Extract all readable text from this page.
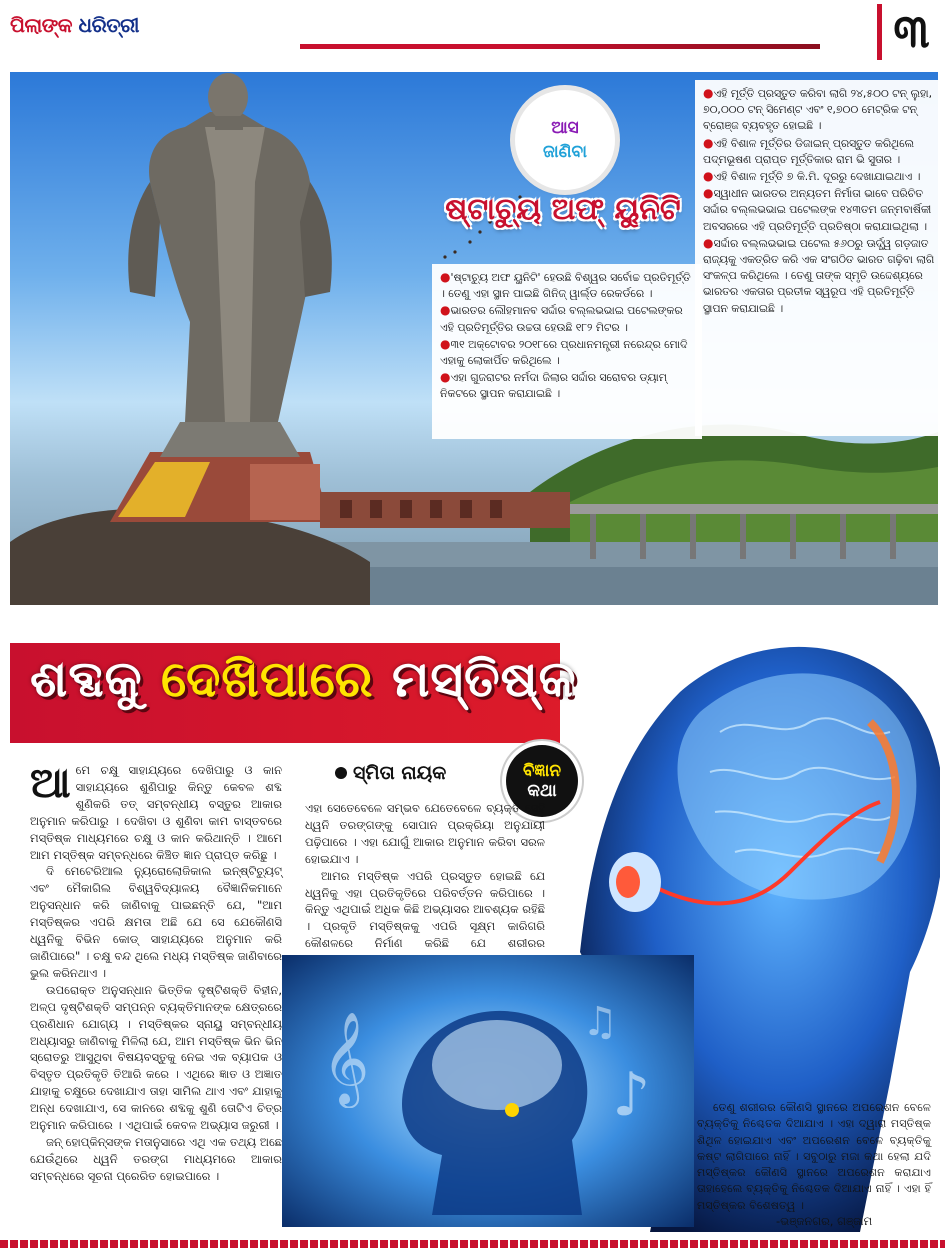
ପିଲାଙ୍କ ଧରିତ୍ରୀ	୩
ଆସ
ଜାଣିବା
ଷ୍ଟାଚ୍ୟୁ ଅଫ୍ ୟୁନିଟି
●'ଷ୍ଟାଚ୍ୟୁ ଅଫ ୟୁନିଟି' ହେଉଛି ବିଶ୍ୱର ସର୍ବୋଚ୍ଚ ପ୍ରତିମୂର୍ତ୍ତି । ତେଣୁ ଏହା ସ୍ଥାନ ପାଇଛି ଗିନିଜ୍ ୱାର୍ଲ୍ଡ ରେକର୍ଡରେ ।
●ଭାରତର ଲୌହମାନବ ସର୍ଦ୍ଦାର ବଲ୍ଲଭଭାଇ ପଟେଲଙ୍କର ଏହି ପ୍ରତିମୂର୍ତ୍ତିର ଉଚ୍ଚତା ହେଉଛି ୧୮୨ ମିଟର ।
●୩୧ ଅକ୍ଟୋବର ୨୦୧୮ରେ ପ୍ରଧାନମନ୍ତ୍ରୀ ନରେନ୍ଦ୍ର ମୋଦି ଏହାକୁ ଲୋକାର୍ପିତ କରିଥିଲେ ।
●ଏହା ଗୁଜରାଟର ନର୍ମଦା ଜିଲାର ସର୍ଦ୍ଦାର ସରୋବର ଡ୍ୟାମ୍ ନିକଟରେ ସ୍ଥାପନ କରାଯାଇଛି ।
●ଏହି ମୂର୍ତ୍ତି ପ୍ରସ୍ତୁତ କରିବା ଲାଗି ୨୪,୫୦୦ ଟନ୍ ଲୁହା, ୭୦,୦୦୦ ଟନ୍ ସିମେଣ୍ଟ ଏବଂ ୧,୭୦୦ ମେଟ୍ରିକ ଟନ୍ ବ୍ରୋଞ୍ଜ ବ୍ୟବହୃତ ହୋଇଛି ।
●ଏହି ବିଶାଳ ମୂର୍ତ୍ତିର ଡିଜାଇନ୍ ପ୍ରସ୍ତୁତ କରିଥିଲେ ପଦ୍ମଭୂଷଣ ପ୍ରାପ୍ତ ମୂର୍ତ୍ତିକାର ରାମ ଭି ସୁତାର ।
●ଏହି ବିଶାଳ ମୂର୍ତ୍ତି ୭ କି.ମି. ଦୂରରୁ ଦେଖାଯାଇଥାଏ ।
●ସ୍ୱାଧୀନ ଭାରତର ଅନ୍ୟତମ ନିର୍ମାତା ଭାବେ ପରିଚିତ ସର୍ଦ୍ଦାର ବଲ୍ଲଭଭାଇ ପଟେଲଙ୍କ ୧୪୩ତମ ଜନ୍ମବାର୍ଷିକୀ ଅବସରରେ ଏହି ପ୍ରତିମୂର୍ତ୍ତି ପ୍ରତିଷ୍ଠା କରାଯାଇଥିଲା ।
●ସର୍ଦ୍ଦାର ବଲ୍ଲଭଭାଇ ପଟେଲ ୫୬୦ରୁ ଊର୍ଦ୍ଧ୍ୱ ଗଡ଼ଜାତ ରାଜ୍ୟକୁ ଏକତ୍ରିତ କରି ଏକ ସଂଗଠିତ ଭାରତ ଗଢ଼ିବା ଲାଗି ସଂକଳ୍ପ କରିଥିଲେ । ତେଣୁ ତାଙ୍କ ସ୍ମୃତି ଉଦ୍ଦେଶ୍ୟରେ ଭାରତର ଏକତାର ପ୍ରତୀକ ସ୍ୱରୂପ ଏହି ପ୍ରତିମୂର୍ତ୍ତି ସ୍ଥାପନ କରାଯାଇଛି ।
ଶବ୍ଦକୁ ଦେଖିପାରେ ମସ୍ତିଷ୍କ
ସ୍ମିତା ନାୟକ	ବିଜ୍ଞାନ
କଥା

ଆମେ ଚକ୍ଷୁ ସାହାଯ୍ୟରେ ଦେଖିପାରୁ ଓ କାନ ସାହାଯ୍ୟରେ ଶୁଣିପାରୁ କିନ୍ତୁ କେବଳ ଶବ୍ଦ ଶୁଣିକରି ତତ୍ ସମ୍ବନ୍ଧୀୟ ବସ୍ତୁର ଆକାର ଅନୁମାନ କରିପାରୁ । ଦେଖିବା ଓ ଶୁଣିବା କାମ ବାସ୍ତବରେ ମସ୍ତିଷ୍କ ମାଧ୍ୟମରେ ଚକ୍ଷୁ ଓ କାନ କରିଥାନ୍ତି । ଆମେ ଆମ ମସ୍ତିଷ୍କ ସମ୍ବନ୍ଧରେ କିଞ୍ଚିତ ଜ୍ଞାନ ପ୍ରାପ୍ତ କରିଛୁ ।

ଦି ମେଟେରିଆଲ ନ୍ୟୁରୋଲୋଜିକାଲ ଇନ୍‌ଷ୍ଟିଚ୍ୟୁଟ୍ ଏବଂ ମୈକାଗିଲ ବିଶ୍ୱବିଦ୍ୟାଳୟ ବୈଜ୍ଞାନିକମାନେ ଅନୁସନ୍ଧାନ କରି ଜାଣିବାକୁ ପାଇଛନ୍ତି ଯେ, "ଆମ ମସ୍ତିଷ୍କର ଏପରି କ୍ଷମତା ଅଛି ଯେ ସେ ଯେକୌଣସି ଧ୍ୱନିକୁ ବିଭିନ କୋଡ୍ ସାହାଯ୍ୟରେ ଅନୁମାନ କରି ଜାଣିପାରେ" । ଚକ୍ଷୁ ବନ୍ଦ ଥିଲେ ମଧ୍ୟ ମସ୍ତିଷ୍କ ଜାଣିବାରେ ଭୁଲ କରିନଥାଏ ।

ଉପରୋକ୍ତ ଅନୁସନ୍ଧାନ ଭିତ୍ତିକ ଦୃଷ୍ଟିଶକ୍ତି ବିହୀନ, ଅଳ୍ପ ଦୃଷ୍ଟିଶକ୍ତି ସମ୍ପନ୍ନ ବ୍ୟକ୍ତିମାନଙ୍କ କ୍ଷେତ୍ରରେ ପ୍ରଣିଧାନ ଯୋଗ୍ୟ । ମସ୍ତିଷ୍କର ସ୍ନାୟୁ ସମ୍ବନ୍ଧୀୟ ଅଧ୍ୟାସରୁ ଜାଣିବାକୁ ମିଳିଲା ଯେ, ଆମ ମସ୍ତିଷ୍କ ଭିନ ଭିନ ସ୍ରୋତରୁ ଆସୁଥିବା ବିଷୟବସ୍ତୁକୁ ନେଇ ଏକ ବ୍ୟାପକ ଓ ବିସ୍ତୃତ ପ୍ରତିକୃତି ତିଆରି କରେ । ଏଥିରେ ଜ୍ଞାତ ଓ ଅଜ୍ଞାତ ଯାହାକୁ ଚକ୍ଷୁରେ ଦେଖାଯାଏ ତାହା ସାମିଲ ଥାଏ ଏବଂ ଯାହାକୁ ଅନ୍ଧ ଦେଖାଯାଏ, ସେ କାନରେ ଶବ୍ଦକୁ ଶୁଣି ତୋଟିଏ ଚିତ୍ର ଅନୁମାନ କରିପାରେ । ଏଥିପାଇଁ କେବଳ ଅଭ୍ୟାସ ଜରୁରୀ ।

ଜନ୍ ହୋପ୍‌କିନ୍ସଙ୍କ ମତାନୁସାରେ ଏଥି ଏକ ତଥ୍ୟ ଅଛେ ଯେଉଁଥିରେ ଧ୍ୱନି ତରଙ୍ଗ ମାଧ୍ୟମରେ ଆକାର ସମ୍ବନ୍ଧରେ ସୂଚନା ପ୍ରେରିତ ହୋଇପାରେ ।

ଏହା ସେତେବେଳେ ସମ୍ଭବ ଯେତେବେଳେ ବ୍ୟକ୍ତି ସେହି ଧ୍ୱନି ତରଙ୍ଗଙ୍କୁ ସୋପାନ ପ୍ରକ୍ରିୟା ଅନୁଯାୟୀ ପଢ଼ିପାରେ । ଏହା ଯୋଗୁଁ ଆକାର ଅନୁମାନ କରିବା ସରଳ ହୋଇଯାଏ ।

ଆମର ମସ୍ତିଷ୍କ ଏପରି ପ୍ରସ୍ତୁତ ହୋଇଛି ଯେ ଧ୍ୱନିକୁ ଏହା ପ୍ରତିକୃତିରେ ପରିବର୍ତ୍ତନ କରିପାରେ । କିନ୍ତୁ ଏଥିପାଇଁ ଅଧିକ କିଛି ଅଭ୍ୟାସର ଆବଶ୍ୟକ ରହିଛି । ପ୍ରକୃତି ମସ୍ତିଷ୍କକୁ ଏପରି ସୂକ୍ଷ୍ମ କାରିଗରି କୌଶଳରେ ନିର୍ମାଣ କରିଛି ଯେ ଶରୀରର

𝄞	♪
♫

ତେଣୁ ଶରୀରର କୌଣସି ସ୍ଥାନରେ ଅପରେଶନ ବେଳେ ବ୍ୟକ୍ତିକୁ ନିଶ୍ଚେତକ ଦିଆଯାଏ । ଏହା ଦ୍ୱାରା ମସ୍ତିଷ୍କ ଶିଥିଳ ହୋଇଯାଏ ଏବଂ ଅପରେଶନ ବେଳେ ବ୍ୟକ୍ତିକୁ କଷ୍ଟ ଲାଗିପାରେ ନାହିଁ । ସବୁଠାରୁ ମଜା କଥା ହେଲା ଯଦି ମସ୍ତିଷ୍କର କୌଣସି ସ୍ଥାନରେ ଅପରେଶନ କରାଯାଏ ତାହାହେଲେ ବ୍ୟକ୍ତିକୁ ନିଶ୍ଚେତକ ଦିଆଯାଏ ନାହିଁ । ଏହା ହିଁ ମସ୍ତିଷ୍କର ବିଶେଷତ୍ୱ ।

-ଭଞ୍ଜନଗର, ଗଞ୍ଜାମ
